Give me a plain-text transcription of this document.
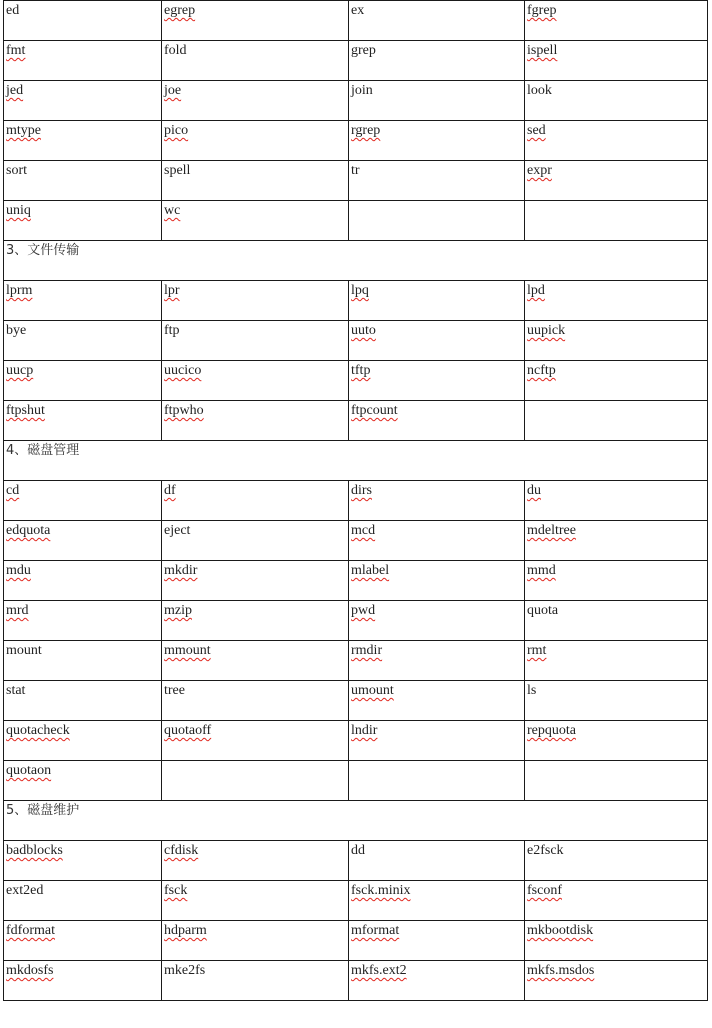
ed	egrep	ex	fgrep
fmt	fold	grep	ispell
jed	joe	join	look
mtype	pico	rgrep	sed
sort	spell	tr	expr
uniq	wc		
3、文件传输			
lprm	lpr	lpq	lpd
bye	ftp	uuto	uupick
uucp	uucico	tftp	ncftp
ftpshut	ftpwho	ftpcount	
4、磁盘管理			
cd	df	dirs	du
edquota	eject	mcd	mdeltree
mdu	mkdir	mlabel	mmd
mrd	mzip	pwd	quota
mount	mmount	rmdir	rmt
stat	tree	umount	ls
quotacheck	quotaoff	lndir	repquota
quotaon			
5、磁盘维护			
badblocks	cfdisk	dd	e2fsck
ext2ed	fsck	fsck.minix	fsconf
fdformat	hdparm	mformat	mkbootdisk
mkdosfs	mke2fs	mkfs.ext2	mkfs.msdos
